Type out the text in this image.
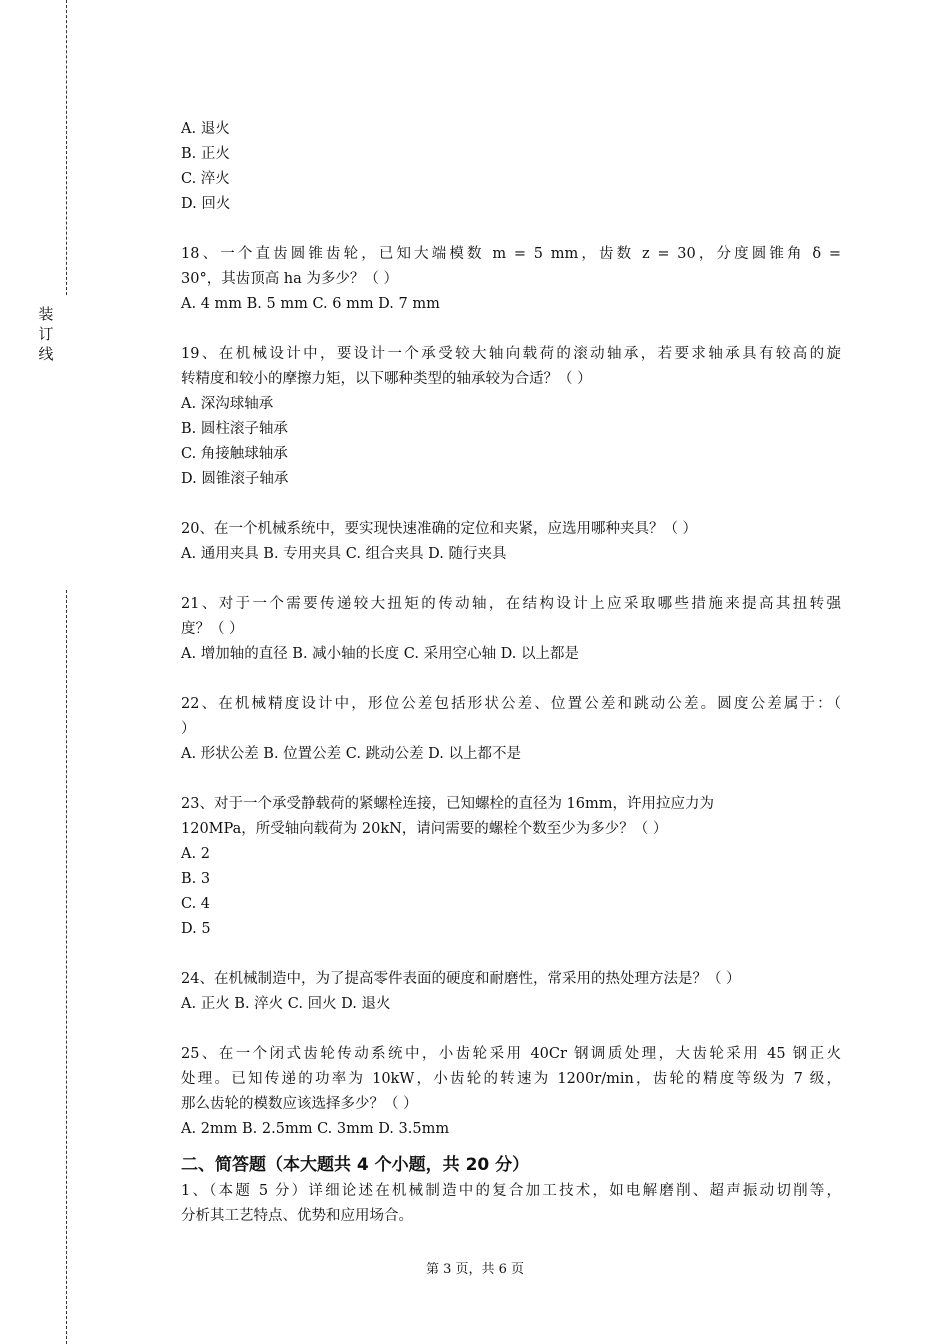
装
订
线
A. 退火
B. 正火
C. 淬火
D. 回火
18、一个直齿圆锥齿轮，已知大端模数 m = 5 mm，齿数 z = 30，分度圆锥角 δ =
30°，其齿顶高 ha 为多少？（ ）
A. 4 mm B. 5 mm C. 6 mm D. 7 mm
19、在机械设计中，要设计一个承受较大轴向载荷的滚动轴承，若要求轴承具有较高的旋
转精度和较小的摩擦力矩，以下哪种类型的轴承较为合适？（ ）
A. 深沟球轴承
B. 圆柱滚子轴承
C. 角接触球轴承
D. 圆锥滚子轴承
20、在一个机械系统中，要实现快速准确的定位和夹紧，应选用哪种夹具？（ ）
A. 通用夹具 B. 专用夹具 C. 组合夹具 D. 随行夹具
21、对于一个需要传递较大扭矩的传动轴，在结构设计上应采取哪些措施来提高其扭转强
度？（ ）
A. 增加轴的直径 B. 减小轴的长度 C. 采用空心轴 D. 以上都是
22、在机械精度设计中，形位公差包括形状公差、位置公差和跳动公差。圆度公差属于：（
）
A. 形状公差 B. 位置公差 C. 跳动公差 D. 以上都不是
23、对于一个承受静载荷的紧螺栓连接，已知螺栓的直径为 16mm，许用拉应力为
120MPa，所受轴向载荷为 20kN，请问需要的螺栓个数至少为多少？（ ）
A. 2
B. 3
C. 4
D. 5
24、在机械制造中，为了提高零件表面的硬度和耐磨性，常采用的热处理方法是？（ ）
A. 正火 B. 淬火 C. 回火 D. 退火
25、在一个闭式齿轮传动系统中，小齿轮采用 40Cr 钢调质处理，大齿轮采用 45 钢正火
处理。已知传递的功率为 10kW，小齿轮的转速为 1200r/min，齿轮的精度等级为 7 级，
那么齿轮的模数应该选择多少？（ ）
A. 2mm B. 2.5mm C. 3mm D. 3.5mm
二、简答题（本大题共 4 个小题，共 20 分）
1、（本题 5 分）详细论述在机械制造中的复合加工技术，如电解磨削、超声振动切削等，
分析其工艺特点、优势和应用场合。
第 3 页，共 6 页
